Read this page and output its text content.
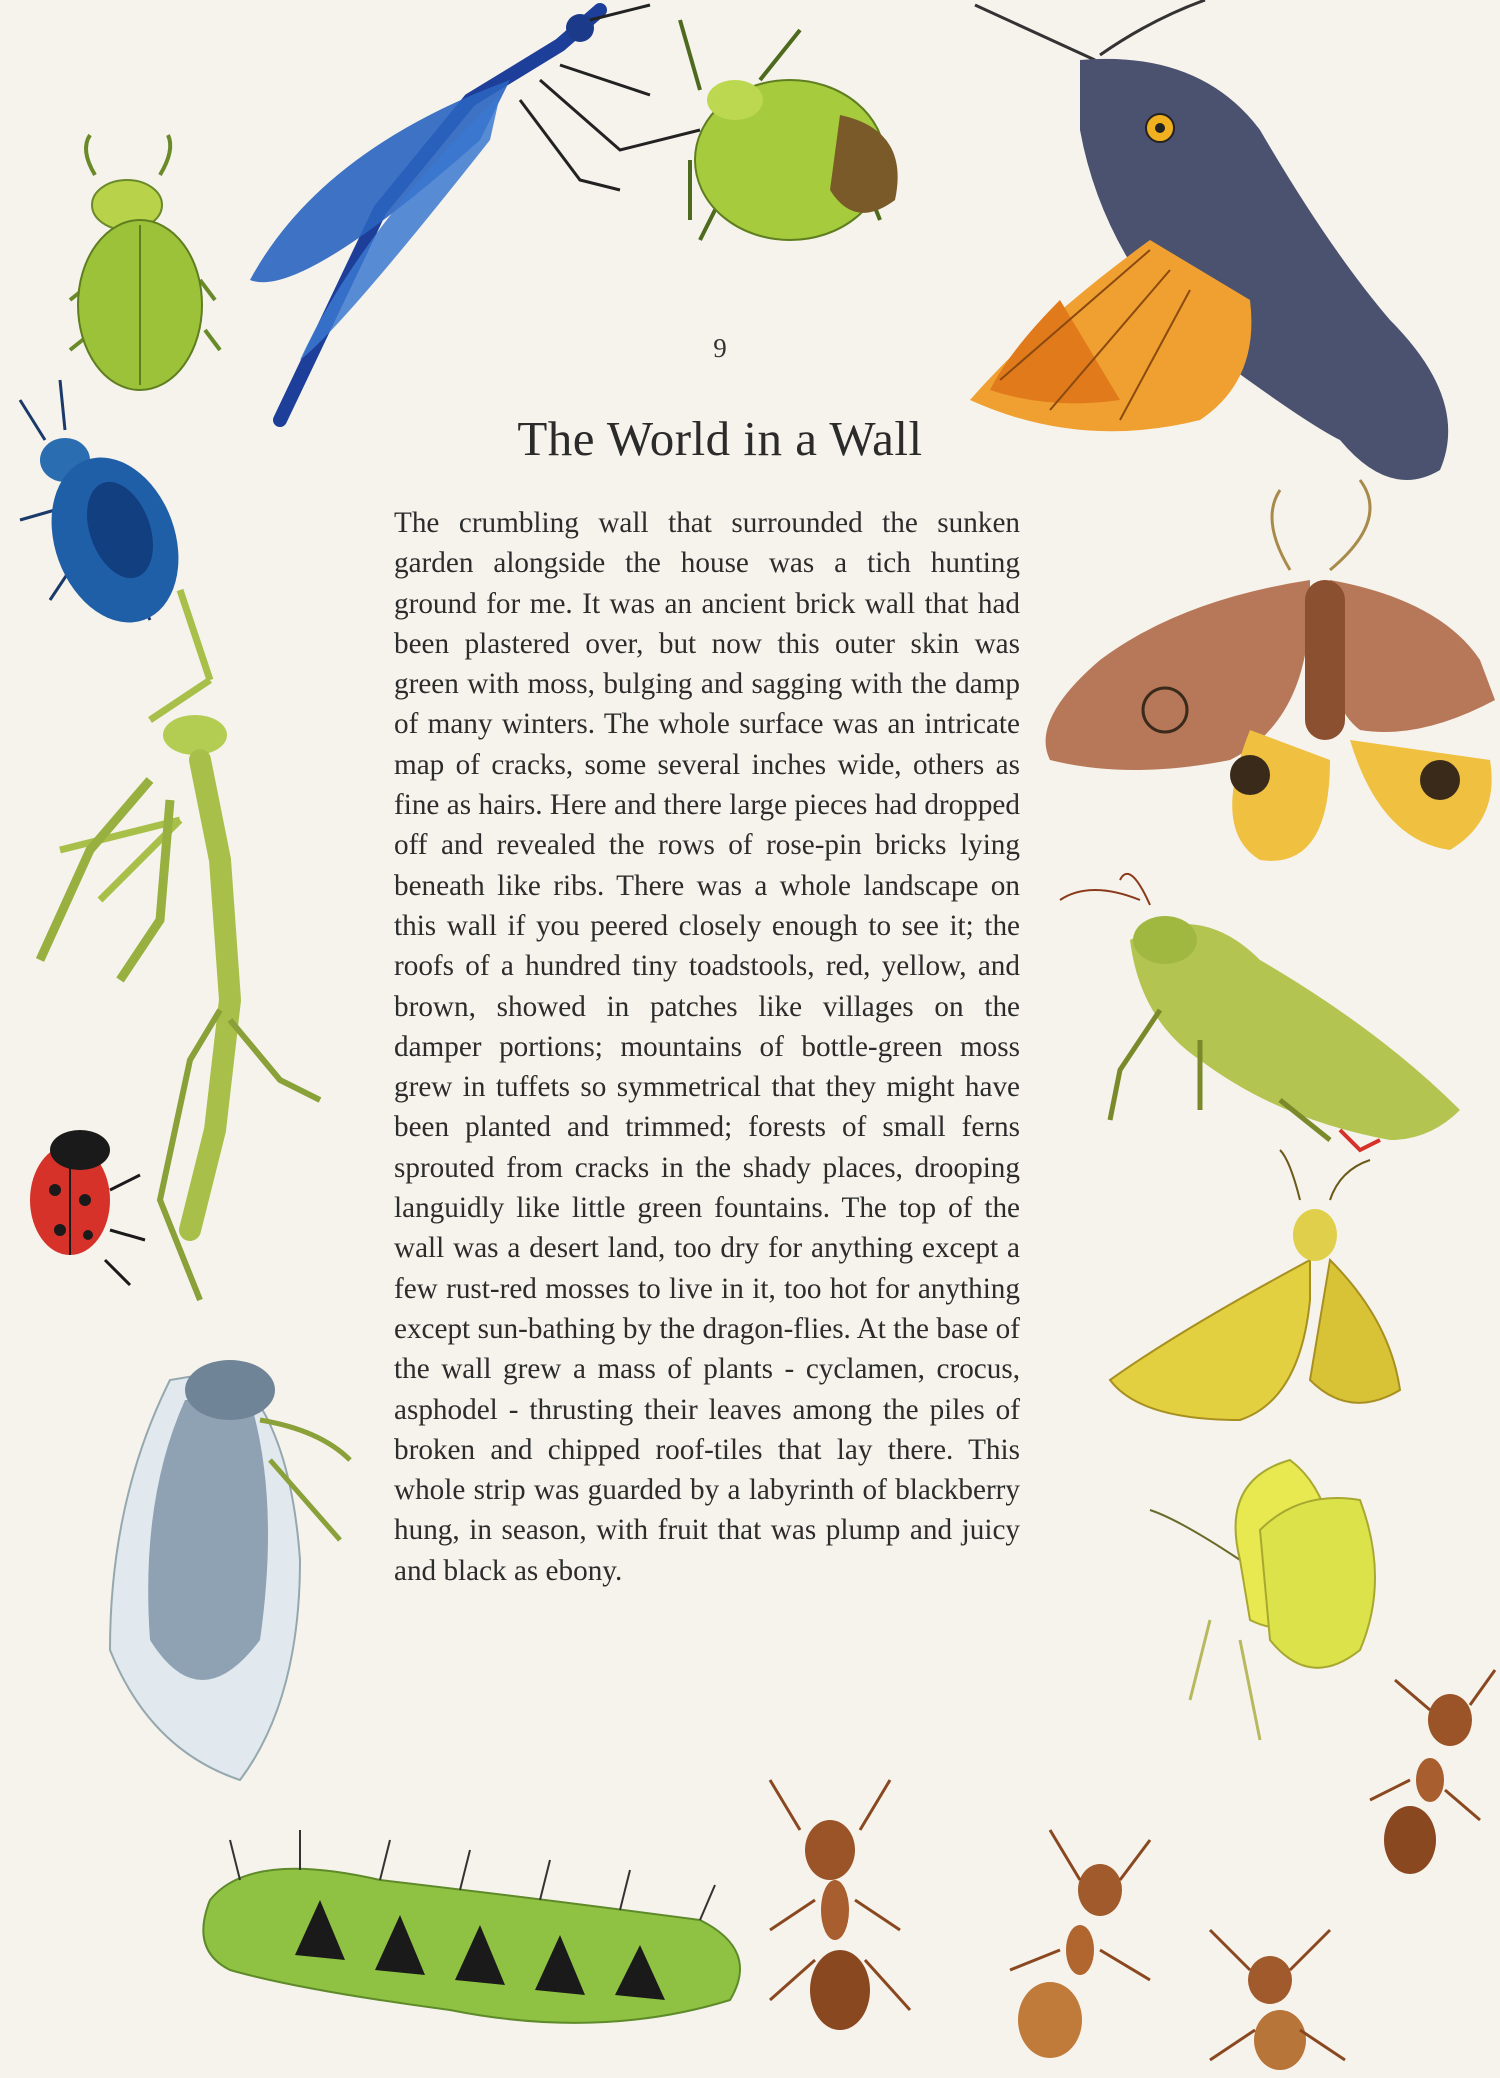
9
The World in a Wall

The crumbling wall that surrounded the sunken garden alongside the house was a tich hunting ground for me. It was an ancient brick wall that had been plastered over, but now this outer skin was green with moss, bulging and sagging with the damp of many winters. The whole surface was an intricate map of cracks, some several inches wide, others as fine as hairs. Here and there large pieces had dropped off and revealed the rows of rose-pin bricks lying beneath like ribs. There was a whole landscape on this wall if you peered closely enough to see it; the roofs of a hundred tiny toadstools, red, yellow, and brown, showed in patches like villages on the damper portions; mountains of bottle-green moss grew in tuffets so symmetrical that they might have been planted and trimmed; forests of small ferns sprouted from cracks in the shady places, drooping languidly like little green fountains. The top of the wall was a desert land, too dry for anything except a few rust-red mosses to live in it, too hot for anything except sun-bathing by the dragon-flies. At the base of the wall grew a mass of plants - cyclamen, crocus, asphodel - thrusting their leaves among the piles of broken and chipped roof-tiles that lay there. This whole strip was guarded by a labyrinth of blackberry hung, in season, with fruit that was plump and juicy and black as ebony.
